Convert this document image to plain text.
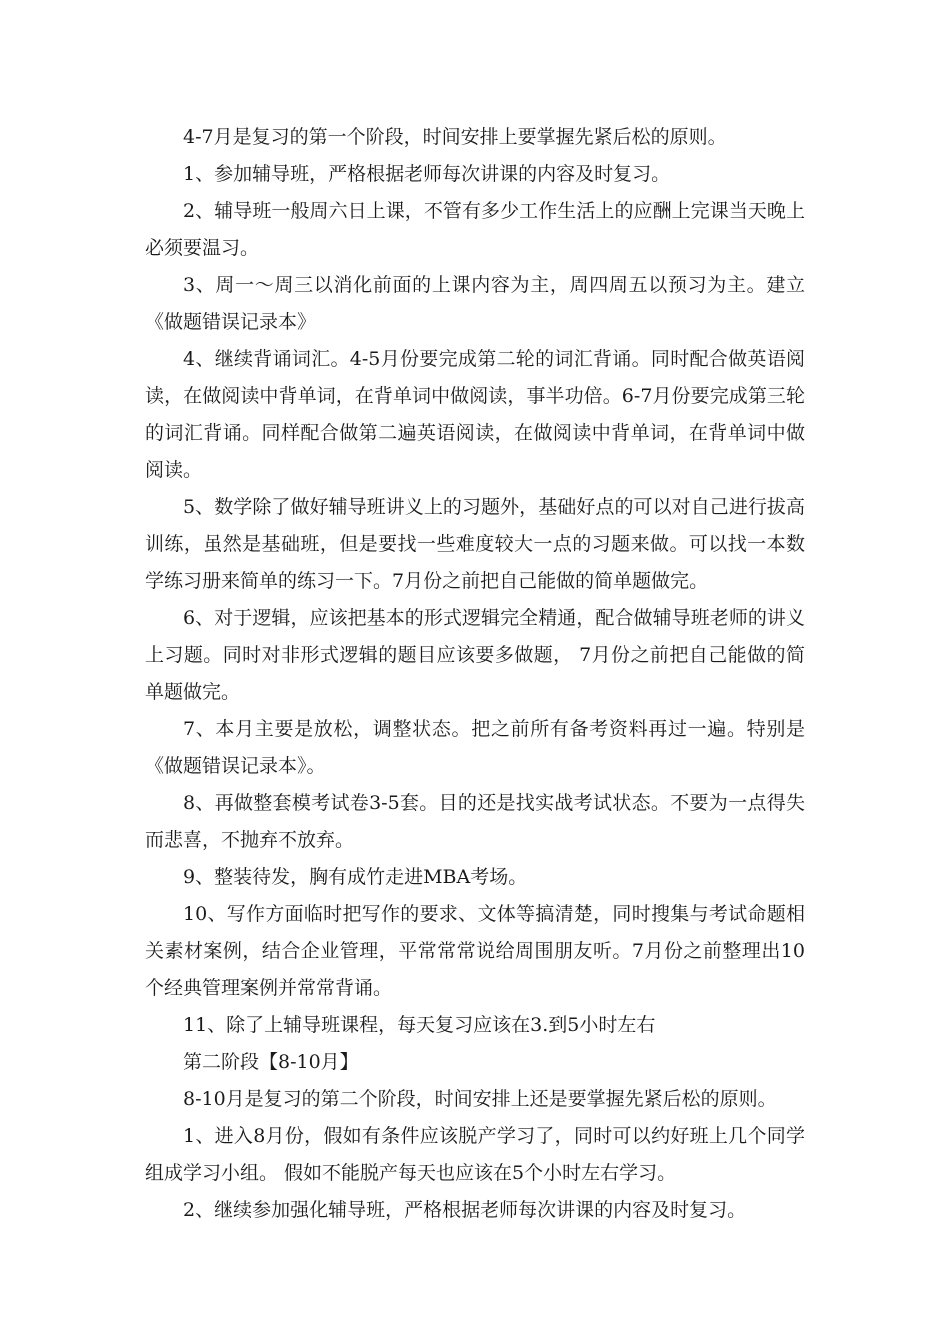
4-7月是复习的第一个阶段，时间安排上要掌握先紧后松的原则。

1、参加辅导班，严格根据老师每次讲课的内容及时复习。

2、辅导班一般周六日上课，不管有多少工作生活上的应酬上完课当天晚上必须要温习。

3、周一～周三以消化前面的上课内容为主，周四周五以预习为主。建立《做题错误记录本》

4、继续背诵词汇。4-5月份要完成第二轮的词汇背诵。同时配合做英语阅读，在做阅读中背单词，在背单词中做阅读，事半功倍。6-7月份要完成第三轮的词汇背诵。同样配合做第二遍英语阅读，在做阅读中背单词，在背单词中做阅读。

5、数学除了做好辅导班讲义上的习题外，基础好点的可以对自己进行拔高训练，虽然是基础班，但是要找一些难度较大一点的习题来做。可以找一本数学练习册来简单的练习一下。7月份之前把自己能做的简单题做完。

6、对于逻辑，应该把基本的形式逻辑完全精通，配合做辅导班老师的讲义上习题。同时对非形式逻辑的题目应该要多做题， 7月份之前把自己能做的简单题做完。

7、本月主要是放松，调整状态。把之前所有备考资料再过一遍。特别是《做题错误记录本》。

8、再做整套模考试卷3-5套。目的还是找实战考试状态。不要为一点得失而悲喜，不抛弃不放弃。

9、整装待发，胸有成竹走进MBA考场。

10、写作方面临时把写作的要求、文体等搞清楚，同时搜集与考试命题相关素材案例，结合企业管理，平常常常说给周围朋友听。7月份之前整理出10个经典管理案例并常常背诵。

11、除了上辅导班课程，每天复习应该在3.到5小时左右

第二阶段【8-10月】

8-10月是复习的第二个阶段，时间安排上还是要掌握先紧后松的原则。

1、进入8月份，假如有条件应该脱产学习了，同时可以约好班上几个同学组成学习小组。 假如不能脱产每天也应该在5个小时左右学习。

2、继续参加强化辅导班，严格根据老师每次讲课的内容及时复习。
